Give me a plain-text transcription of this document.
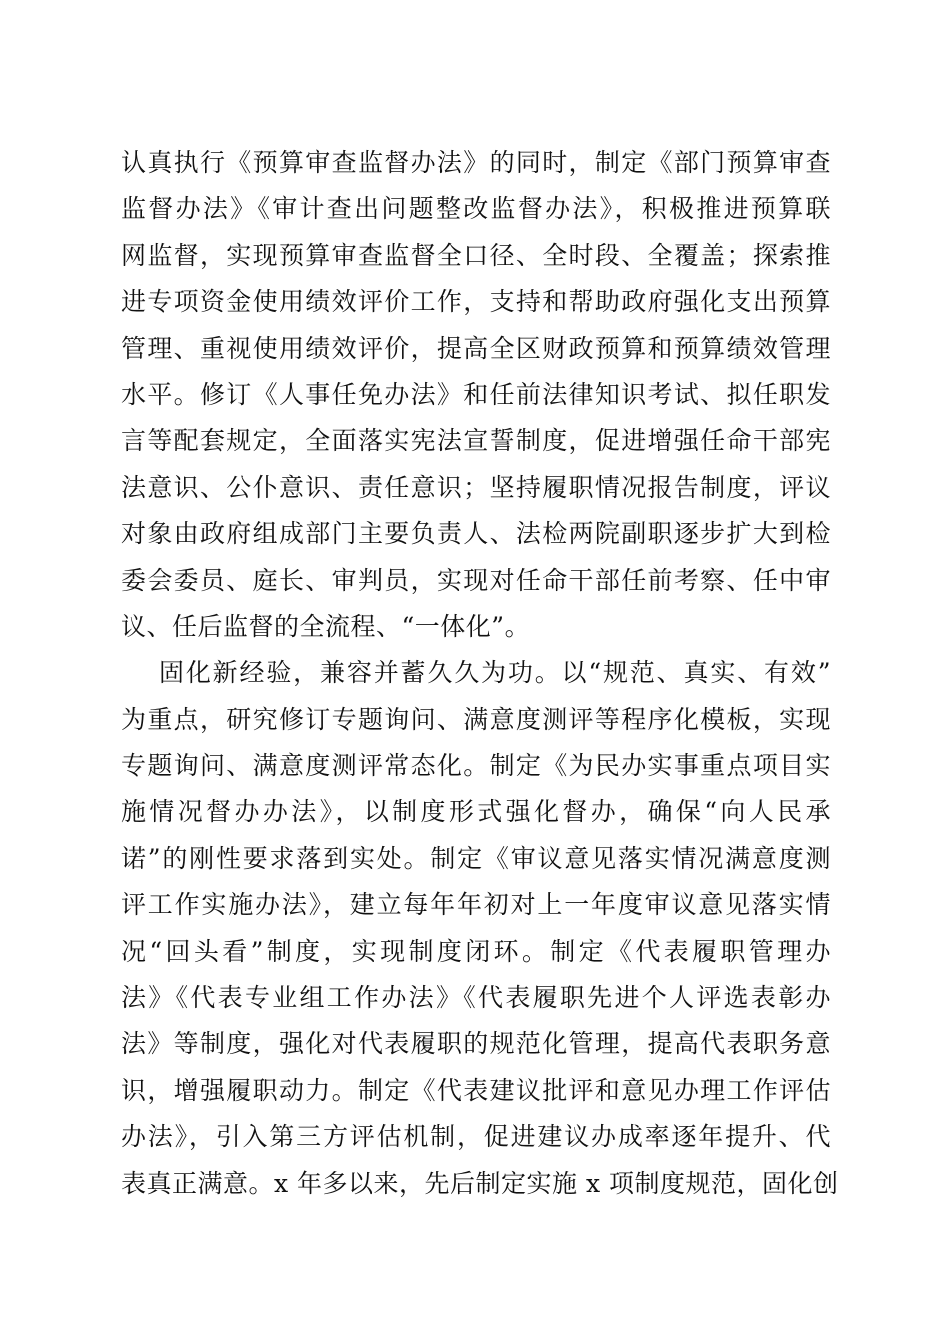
认真执行《预算审查监督办法》的同时，制定《部门预算审查
监督办法》《审计查出问题整改监督办法》，积极推进预算联
网监督，实现预算审查监督全口径、全时段、全覆盖；探索推
进专项资金使用绩效评价工作，支持和帮助政府强化支出预算
管理、重视使用绩效评价，提高全区财政预算和预算绩效管理
水平。修订《人事任免办法》和任前法律知识考试、拟任职发
言等配套规定，全面落实宪法宣誓制度，促进增强任命干部宪
法意识、公仆意识、责任意识；坚持履职情况报告制度，评议
对象由政府组成部门主要负责人、法检两院副职逐步扩大到检
委会委员、庭长、审判员，实现对任命干部任前考察、任中审
议、任后监督的全流程、“一体化”。
固化新经验，兼容并蓄久久为功。以“规范、真实、有效”
为重点，研究修订专题询问、满意度测评等程序化模板，实现
专题询问、满意度测评常态化。制定《为民办实事重点项目实
施情况督办办法》，以制度形式强化督办，确保“向人民承
诺”的刚性要求落到实处。制定《审议意见落实情况满意度测
评工作实施办法》，建立每年年初对上一年度审议意见落实情
况“回头看”制度，实现制度闭环。制定《代表履职管理办
法》《代表专业组工作办法》《代表履职先进个人评选表彰办
法》等制度，强化对代表履职的规范化管理，提高代表职务意
识，增强履职动力。制定《代表建议批评和意见办理工作评估
办法》，引入第三方评估机制，促进建议办成率逐年提升、代
表真正满意。x 年多以来，先后制定实施 x 项制度规范，固化创
